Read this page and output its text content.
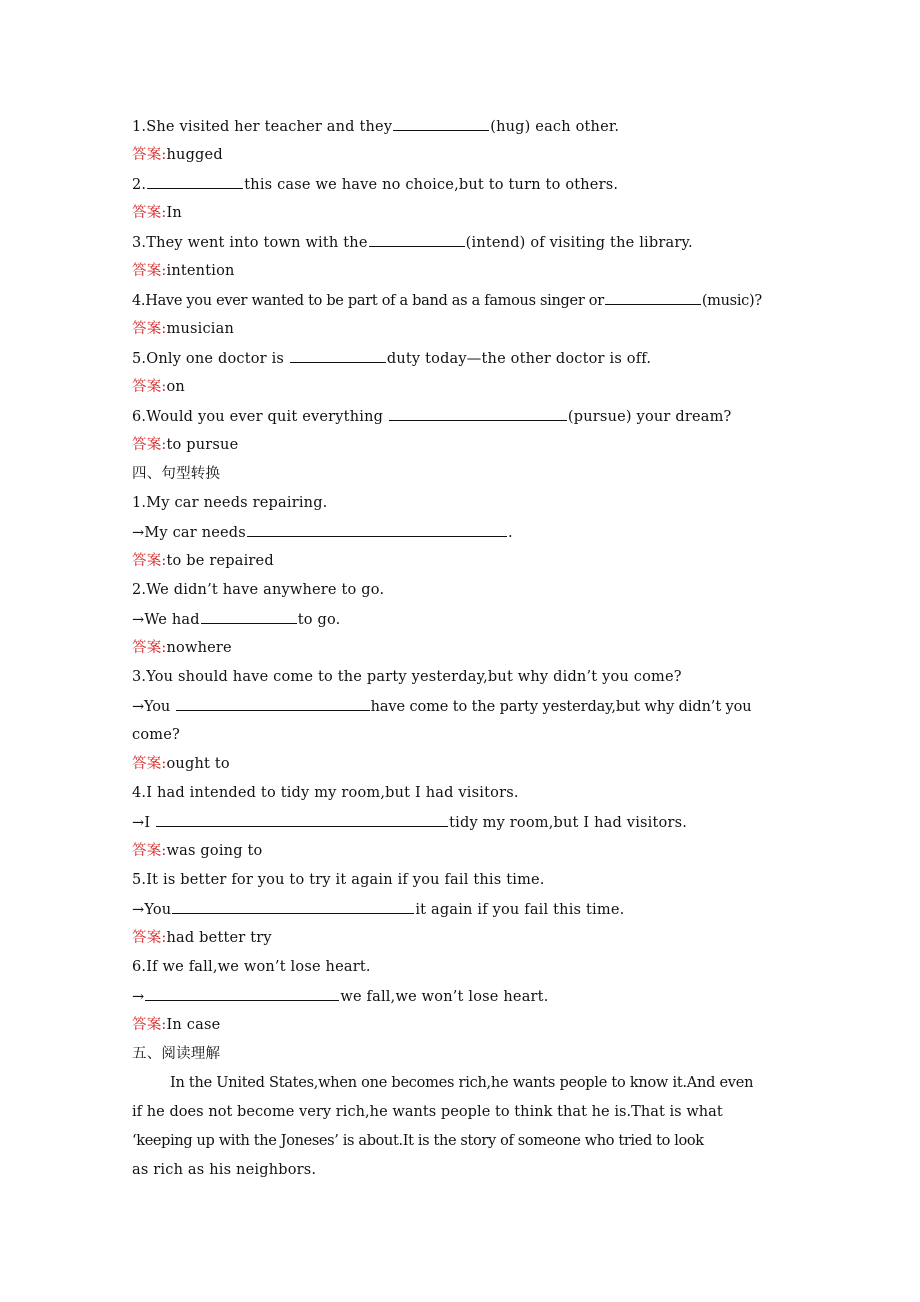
1.She visited her teacher and they	(hug) each other.
答案:hugged
2.	this case we have no choice,but to turn to others.
答案:In
3.They went into town with the	(intend) of visiting the library.
答案:intention
4.Have you ever wanted to be part of a band as a famous singer or	(music)?
答案:musician
5.Only one doctor is	duty today—the other doctor is off.
答案:on
6.Would you ever quit everything	(pursue) your dream?
答案:to pursue
四、句型转换
1.My car needs repairing.
→My car needs	.
答案:to be repaired
2.We didn’t have anywhere to go.
→We had	to go.
答案:nowhere
3.You should have come to the party yesterday,but why didn’t you come?
→You	have come to the party yesterday,but why didn’t you
come?
答案:ought to
4.I had intended to tidy my room,but I had visitors.
→I	tidy my room,but I had visitors.
答案:was going to
5.It is better for you to try it again if you fail this time.
→You	it again if you fail this time.
答案:had better try
6.If we fall,we won’t lose heart.
→	we fall,we won’t lose heart.
答案:In case
五、阅读理解
In the United States,when one becomes rich,he wants people to know it.And even
if he does not become very rich,he wants people to think that he is.That is what
‘keeping up with the Joneses’ is about.It is the story of someone who tried to look
as rich as his neighbors.
